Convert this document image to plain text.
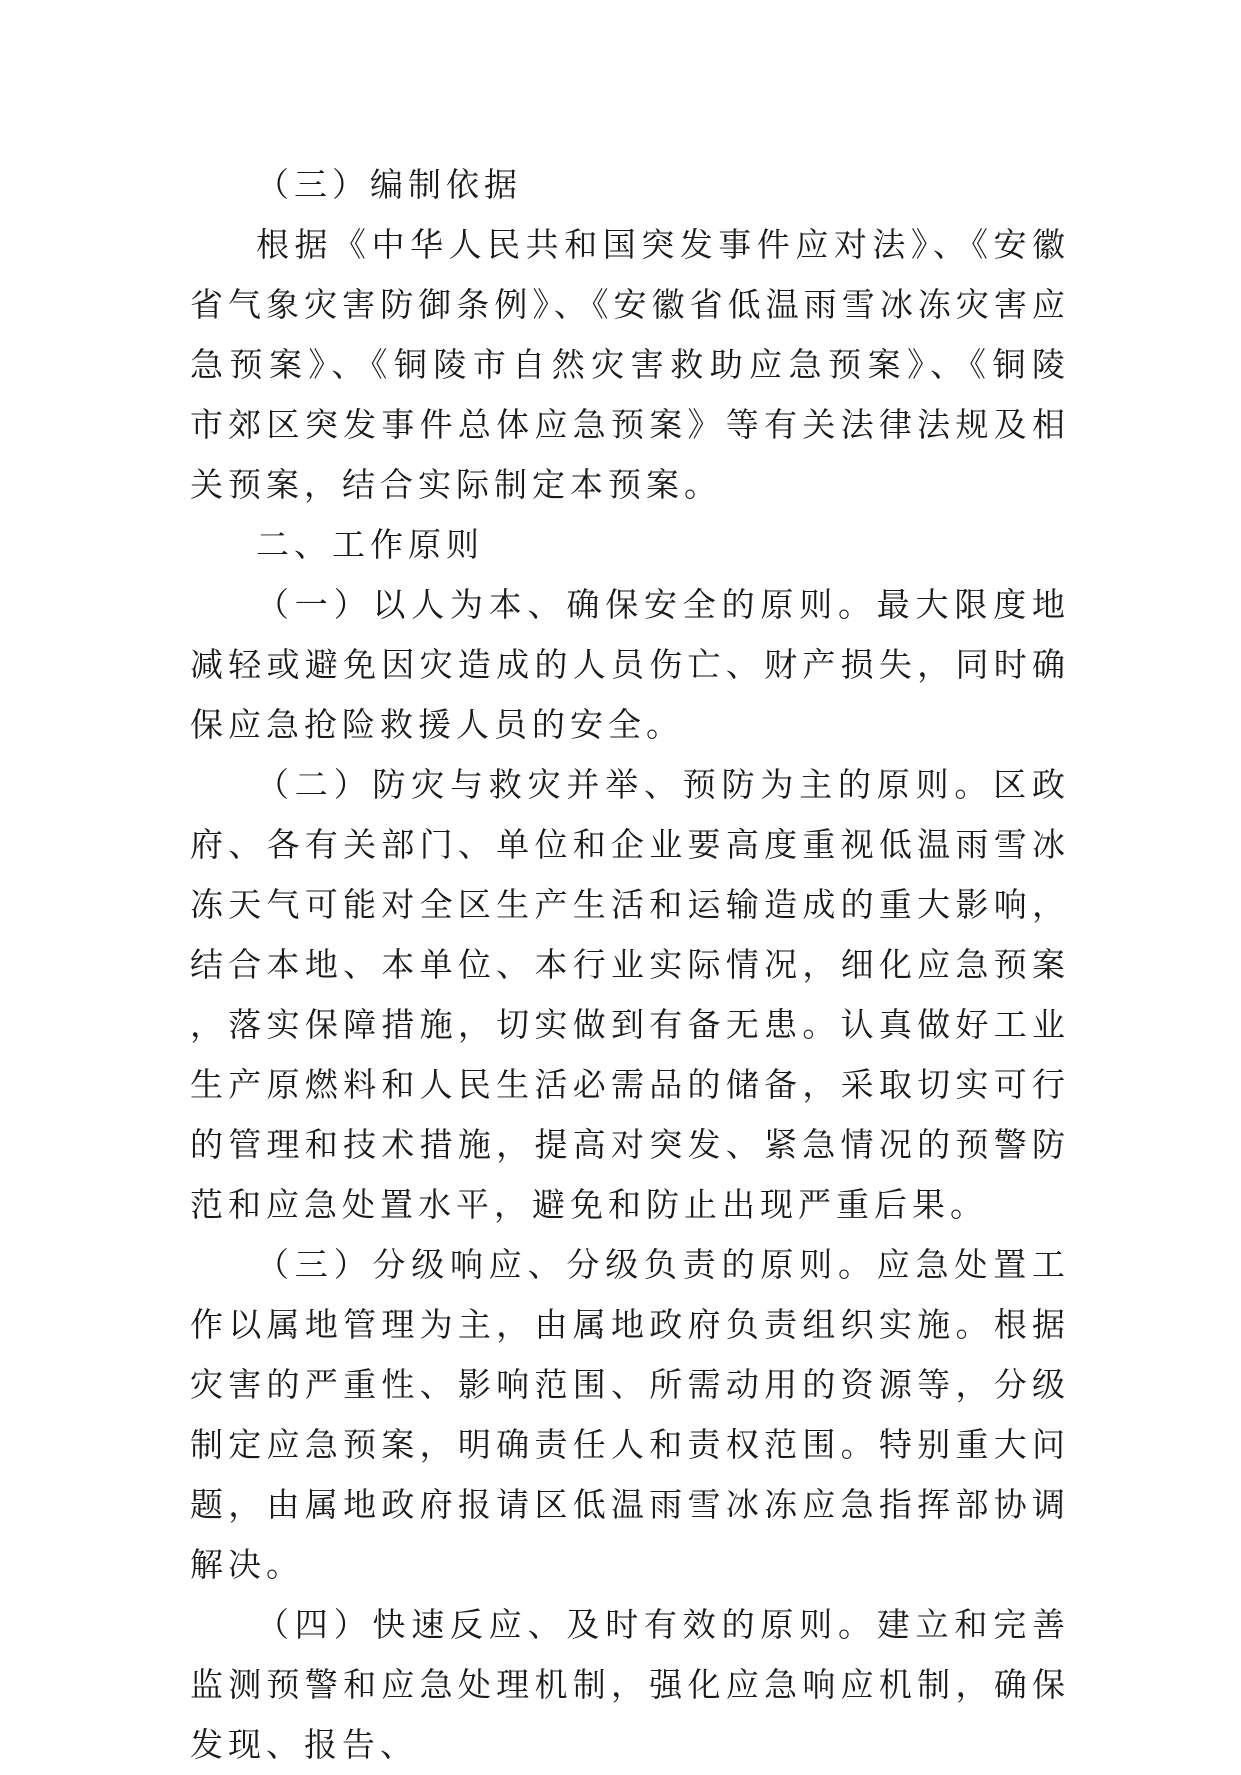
（三）编制依据

根据《中华人民共和国突发事件应对法》、《安徽省气象灾害防御条例》、《安徽省低温雨雪冰冻灾害应急预案》、《铜陵市自然灾害救助应急预案》、《铜陵市郊区突发事件总体应急预案》等有关法律法规及相关预案，结合实际制定本预案。

二、工作原则

（一）以人为本、确保安全的原则。最大限度地减轻或避免因灾造成的人员伤亡、财产损失，同时确保应急抢险救援人员的安全。

（二）防灾与救灾并举、预防为主的原则。区政府、各有关部门、单位和企业要高度重视低温雨雪冰冻天气可能对全区生产生活和运输造成的重大影响，结合本地、本单位、本行业实际情况，细化应急预案，落实保障措施，切实做到有备无患。认真做好工业生产原燃料和人民生活必需品的储备，采取切实可行的管理和技术措施，提高对突发、紧急情况的预警防范和应急处置水平，避免和防止出现严重后果。

（三）分级响应、分级负责的原则。应急处置工作以属地管理为主，由属地政府负责组织实施。根据灾害的严重性、影响范围、所需动用的资源等，分级制定应急预案，明确责任人和责权范围。特别重大问题，由属地政府报请区低温雨雪冰冻应急指挥部协调解决。

（四）快速反应、及时有效的原则。建立和完善监测预警和应急处理机制，强化应急响应机制，确保发现、报告、
